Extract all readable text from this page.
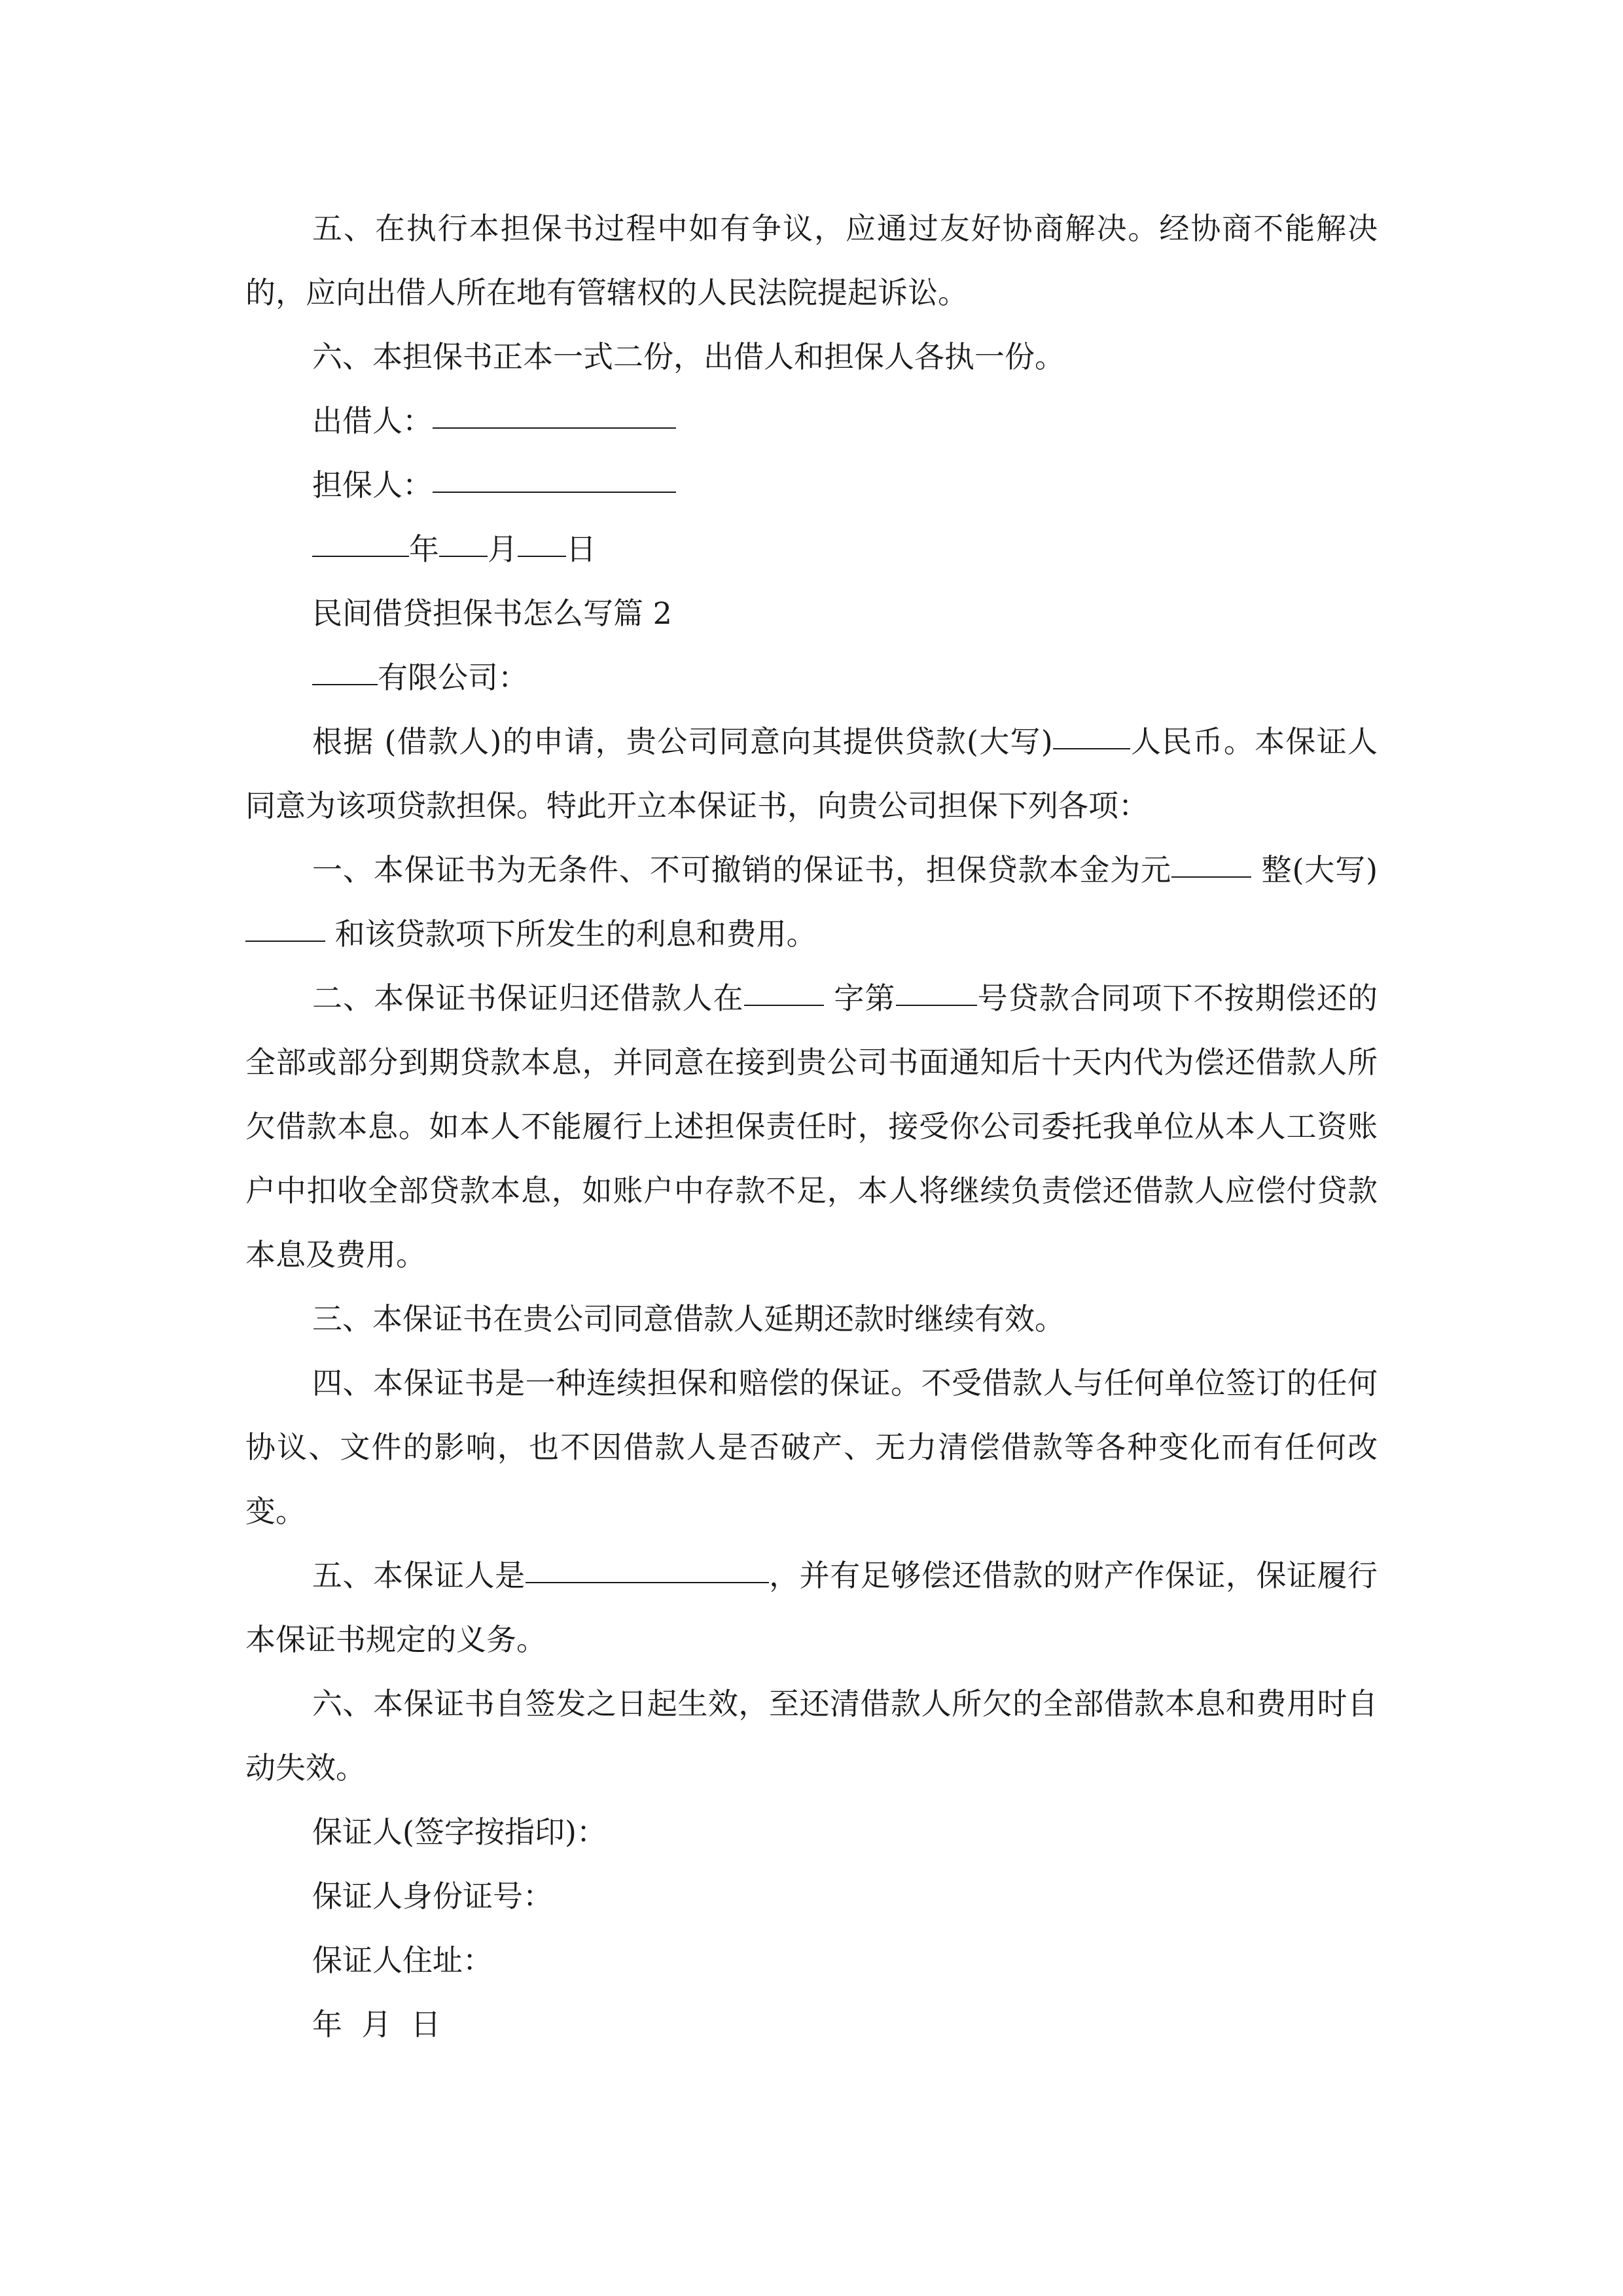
五、在执行本担保书过程中如有争议，应通过友好协商解决。经协商不能解决的，应向出借人所在地有管辖权的人民法院提起诉讼。

六、本担保书正本一式二份，出借人和担保人各执一份。

出借人：

担保人：

年 月 日

民间借贷担保书怎么写篇 2

有限公司：

根据 (借款人)的申请，贵公司同意向其提供贷款(大写)	人民币。本保证人同意为该项贷款担保。特此开立本保证书，向贵公司担保下列各项：

一、本保证书为无条件、不可撤销的保证书，担保贷款本金为元	整(大写) 和该贷款项下所发生的利息和费用。

二、本保证书保证归还借款人在	字第	号贷款合同项下不按期偿还的全部或部分到期贷款本息，并同意在接到贵公司书面通知后十天内代为偿还借款人所欠借款本息。如本人不能履行上述担保责任时，接受你公司委托我单位从本人工资账户中扣收全部贷款本息，如账户中存款不足，本人将继续负责偿还借款人应偿付贷款本息及费用。

三、本保证书在贵公司同意借款人延期还款时继续有效。

四、本保证书是一种连续担保和赔偿的保证。不受借款人与任何单位签订的任何协议、文件的影响，也不因借款人是否破产、无力清偿借款等各种变化而有任何改变。

五、本保证人是	，并有足够偿还借款的财产作保证，保证履行本保证书规定的义务。

六、本保证书自签发之日起生效，至还清借款人所欠的全部借款本息和费用时自动失效。

保证人(签字按指印)：

保证人身份证号：

保证人住址：

年  月  日
